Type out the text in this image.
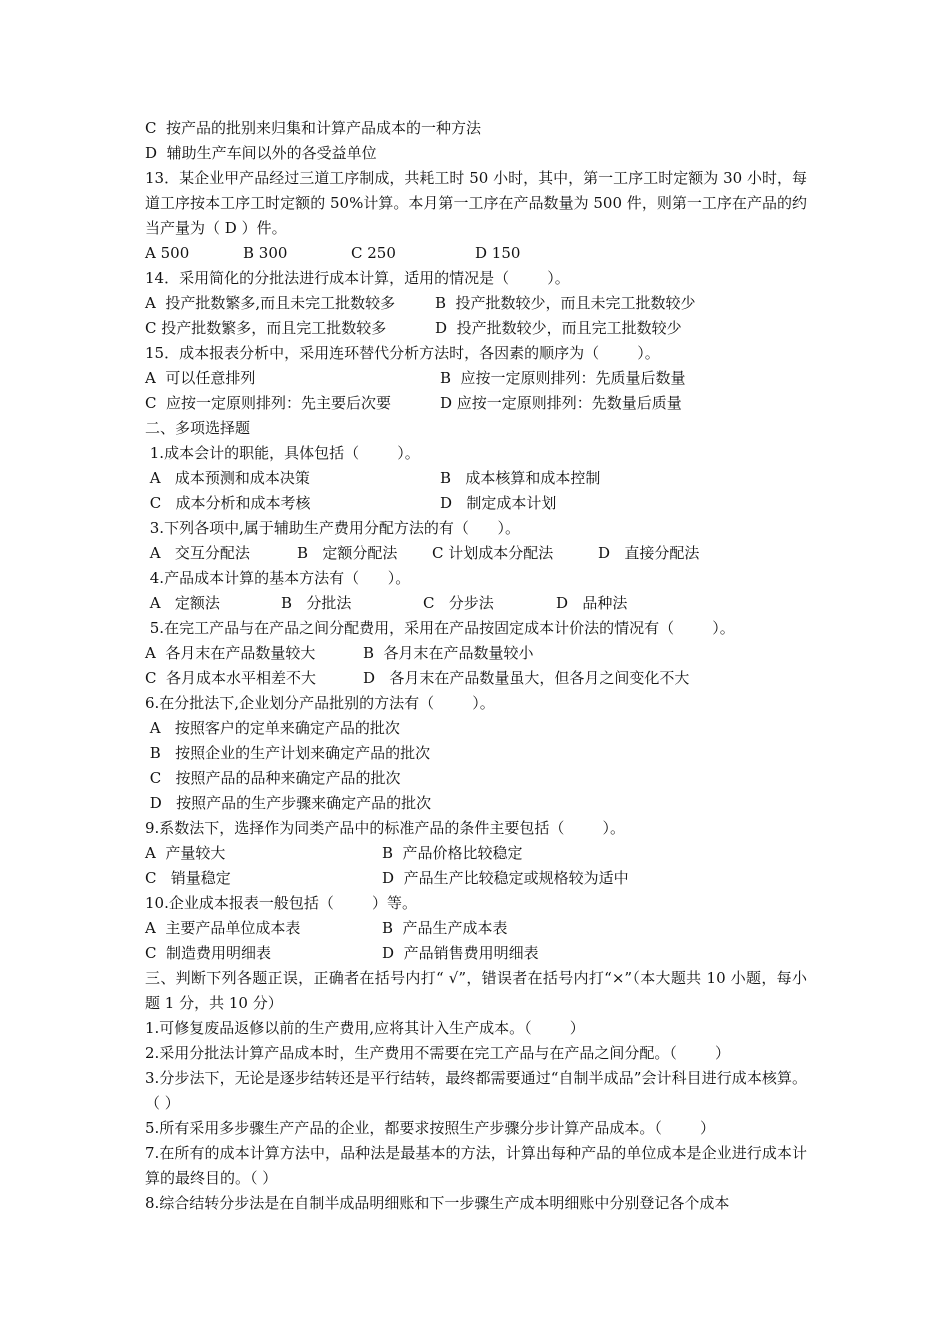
C  按产品的批别来归集和计算产品成本的一种方法
D  辅助生产车间以外的各受益单位
13．某企业甲产品经过三道工序制成，共耗工时 50 小时，其中，第一工序工时定额为 30 小时，每道工序按本工序工时定额的 50%计算。本月第一工序在产品数量为 500 件，则第一工序在产品的约当产量为（ D ）件。

A 500

	B 300

	C 250

	D 150

14．采用简化的分批法进行成本计算，适用的情况是（        ）。

A  投产批数繁多,而且未完工批数较多

	B  投产批数较少，而且未完工批数较少

C 投产批数繁多，而且完工批数较多

	D  投产批数较少，而且完工批数较少

15．成本报表分析中，采用连环替代分析方法时，各因素的顺序为（        ）。

A  可以任意排列

	B  应按一定原则排列：先质量后数量

C  应按一定原则排列：先主要后次要

	D 应按一定原则排列：先数量后质量

二、多项选择题
1.成本会计的职能，具体包括（        ）。

A   成本预测和成本决策

	B   成本核算和成本控制

C   成本分析和成本考核

	D   制定成本计划

3.下列各项中,属于辅助生产费用分配方法的有（      ）。

A   交互分配法

	B   定额分配法

C 计划成本分配法

	D   直接分配法

4.产品成本计算的基本方法有（      ）。

A   定额法

	B   分批法

	C   分步法

	D   品种法

5.在完工产品与在产品之间分配费用，采用在产品按固定成本计价法的情况有（        ）。

A  各月末在产品数量较大

	B  各月末在产品数量较小

C  各月成本水平相差不大

	D   各月末在产品数量虽大，但各月之间变化不大

6.在分批法下,企业划分产品批别的方法有（        ）。
A   按照客户的定单来确定产品的批次
B   按照企业的生产计划来确定产品的批次
C   按照产品的品种来确定产品的批次
D   按照产品的生产步骤来确定产品的批次
9.系数法下，选择作为同类产品中的标准产品的条件主要包括（        ）。

A  产量较大

	B  产品价格比较稳定

C   销量稳定

	D  产品生产比较稳定或规格较为适中

10.企业成本报表一般包括（        ）等。

A  主要产品单位成本表

	B  产品生产成本表

C  制造费用明细表

	D  产品销售费用明细表

三、判断下列各题正误，正确者在括号内打“ √”，错误者在括号内打“×”（本大题共 10 小题，每小题 1 分，共 10 分）
1.可修复废品返修以前的生产费用,应将其计入生产成本。（        ）
2.采用分批法计算产品成本时，生产费用不需要在完工产品与在产品之间分配。（        ）
3.分步法下，无论是逐步结转还是平行结转，最终都需要通过“自制半成品”会计科目进行成本核算。（ ）
5.所有采用多步骤生产产品的企业，都要求按照生产步骤分步计算产品成本。（        ）
7.在所有的成本计算方法中，品种法是最基本的方法，计算出每种产品的单位成本是企业进行成本计算的最终目的。（ ）
8.综合结转分步法是在自制半成品明细账和下一步骤生产成本明细账中分别登记各个成本
